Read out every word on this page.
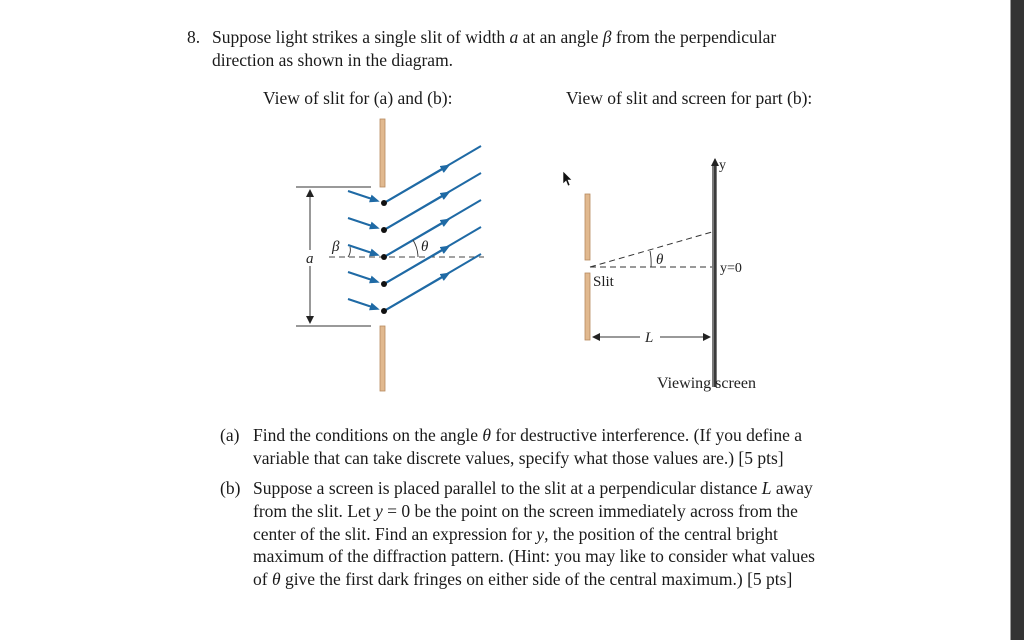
8. Suppose light strikes a single slit of width a at an angle β from the perpendicular
direction as shown in the diagram.
View of slit for (a) and (b):	View of slit and screen for part (b):
a
β	θ
y
θ
y=0
Slit
L
Viewing screen
(a) Find the conditions on the angle θ for destructive interference. (If you define a
variable that can take discrete values, specify what those values are.) [5 pts]
(b) Suppose a screen is placed parallel to the slit at a perpendicular distance L away
from the slit. Let y = 0 be the point on the screen immediately across from the
center of the slit. Find an expression for y, the position of the central bright
maximum of the diffraction pattern. (Hint: you may like to consider what values
of θ give the first dark fringes on either side of the central maximum.) [5 pts]
